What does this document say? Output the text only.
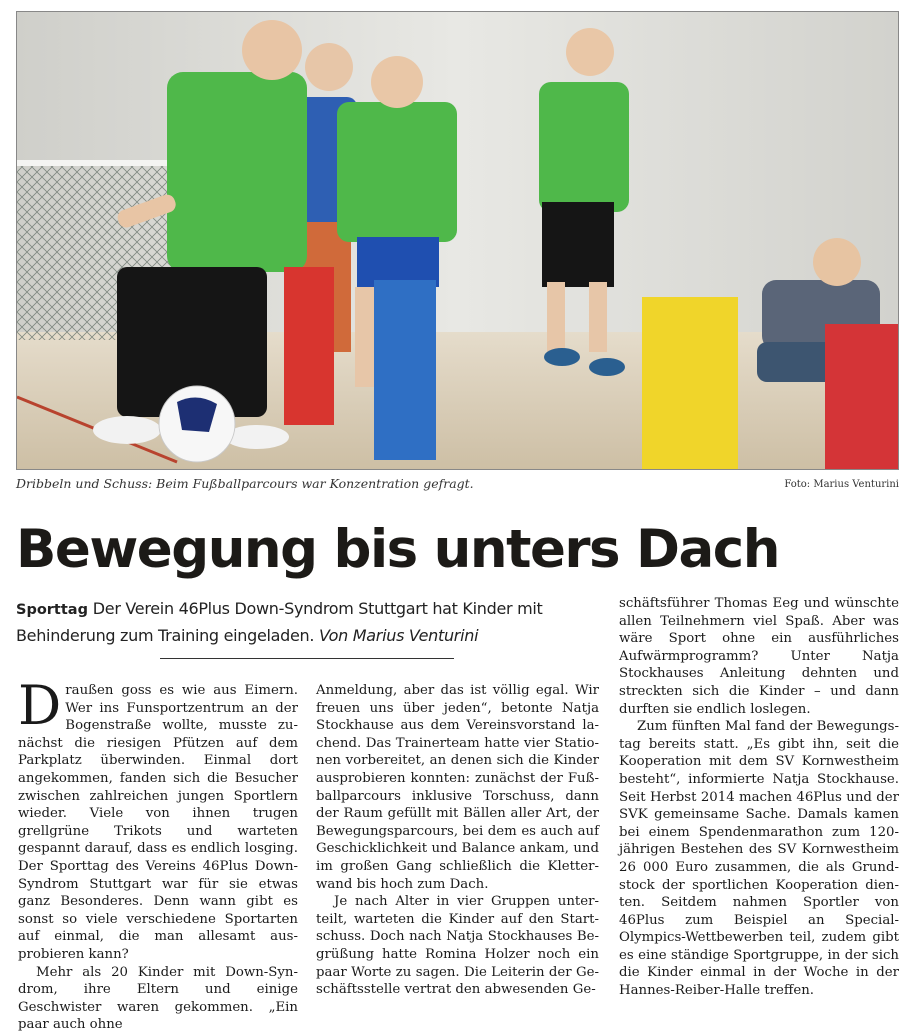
Dribbeln und Schuss: Beim Fußballparcours war Konzentration gefragt.	Foto: Marius Venturini
Bewegung bis unters Dach

Sporttag Der Verein 46Plus Down-Syndrom Stuttgart hat Kinder mit Behinderung zum Training eingeladen. Von Marius Venturini

Draußen goss es wie aus Eimern. Wer ins Funsportzentrum an der Bogenstraße wollte, musste zunächst die riesigen Pfützen auf dem Parkplatz überwinden. Einmal dort angekommen, fanden sich die Besucher zwischen zahlreichen jungen Sportlern wieder. Viele von ihnen trugen grellgrüne Trikots und warteten gespannt darauf, dass es endlich losging. Der Sporttag des Vereins 46Plus Down-Syndrom Stuttgart war für sie etwas ganz Besonderes. Denn wann gibt es sonst so viele verschiedene Sportarten auf einmal, die man allesamt ausprobieren kann?

Mehr als 20 Kinder mit Down-Syndrom, ihre Eltern und einige Geschwister waren gekommen. „Ein paar auch ohne

Anmeldung, aber das ist völlig egal. Wir freuen uns über jeden“, betonte Natja Stockhause aus dem Vereinsvorstand lachend. Das Trainerteam hatte vier Stationen vorbereitet, an denen sich die Kinder ausprobieren konnten: zunächst der Fußballparcours inklusive Torschuss, dann der Raum gefüllt mit Bällen aller Art, der Bewegungsparcours, bei dem es auch auf Geschicklichkeit und Balance ankam, und im großen Gang schließlich die Kletterwand bis hoch zum Dach.

Je nach Alter in vier Gruppen unterteilt, warteten die Kinder auf den Startschuss. Doch nach Natja Stockhauses Begrüßung hatte Romina Holzer noch ein paar Worte zu sagen. Die Leiterin der Geschäftsstelle vertrat den abwesenden Ge-

schäftsführer Thomas Eeg und wünschte allen Teilnehmern viel Spaß. Aber was wäre Sport ohne ein ausführliches Aufwärmprogramm? Unter Natja Stockhauses Anleitung dehnten und streckten sich die Kinder – und dann durften sie endlich loslegen.

Zum fünften Mal fand der Bewegungstag bereits statt. „Es gibt ihn, seit die Kooperation mit dem SV Kornwestheim besteht“, informierte Natja Stockhause. Seit Herbst 2014 machen 46Plus und der SVK gemeinsame Sache. Damals kamen bei einem Spendenmarathon zum 120-jährigen Bestehen des SV Kornwestheim 26 000 Euro zusammen, die als Grundstock der sportlichen Kooperation dienten. Seitdem nahmen Sportler von 46Plus zum Beispiel an Special-Olympics-Wettbewerben teil, zudem gibt es eine ständige Sportgruppe, in der sich die Kinder einmal in der Woche in der Hannes-Reiber-Halle treffen.
